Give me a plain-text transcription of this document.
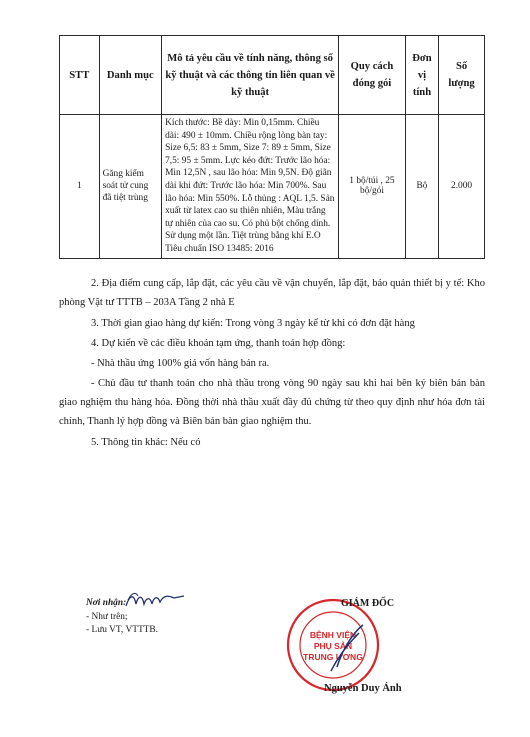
STT	Danh mục	Mô tả yêu cầu về tính năng, thông số kỹ thuật và các thông tin liên quan về kỹ thuật	Quy cách đóng gói	Đơn vị tính	Số lượng
1	Găng kiểm soát tử cung đã tiệt trùng	Kích thước: Bề dày: Min 0,15mm. Chiều dài: 490 ± 10mm. Chiều rộng lòng bàn tay: Size 6,5: 83 ± 5mm, Size 7: 89 ± 5mm, Size 7,5: 95 ± 5mm. Lực kéo đứt: Trước lão hóa: Min 12,5N , sau lão hóa: Min 9,5N. Độ giãn dài khi đứt: Trước lão hóa: Min 700%. Sau lão hóa: Min 550%. Lỗ thủng : AQL 1,5. Sản xuất từ latex cao su thiên nhiên, Màu trắng tự nhiên của cao su. Có phủ bột chống dính. Sử dụng một lần. Tiệt trùng bằng khí E.O Tiêu chuẩn ISO 13485: 2016	1 bộ/túi , 25 bộ/gói	Bộ	2.000
2. Địa điểm cung cấp, lắp đặt, các yêu cầu về vận chuyển, lắp đặt, bảo quản thiết bị y tế: Kho phòng Vật tư TTTB – 203A Tầng 2 nhà E
3. Thời gian giao hàng dự kiến: Trong vòng 3 ngày kể từ khi có đơn đặt hàng
4. Dự kiến về các điều khoản tạm ứng, thanh toán hợp đồng:
- Nhà thầu ứng 100% giá vốn hàng bán ra.
- Chủ đầu tư thanh toán cho nhà thầu trong vòng 90 ngày sau khi hai bên ký biên bản bàn giao nghiệm thu hàng hóa. Đồng thời nhà thầu xuất đầy đủ chứng từ theo quy định như hóa đơn tài chính, Thanh lý hợp đồng và Biên bản bàn giao nghiệm thu.
5. Thông tin khác: Nếu có
Nơi nhận:
- Như trên;
- Lưu VT, VTTTB.	BỆNH VIỆN
PHỤ SẢN
TRUNG ƯƠNG
GIÁM ĐỐC
Nguyễn Duy Ánh
